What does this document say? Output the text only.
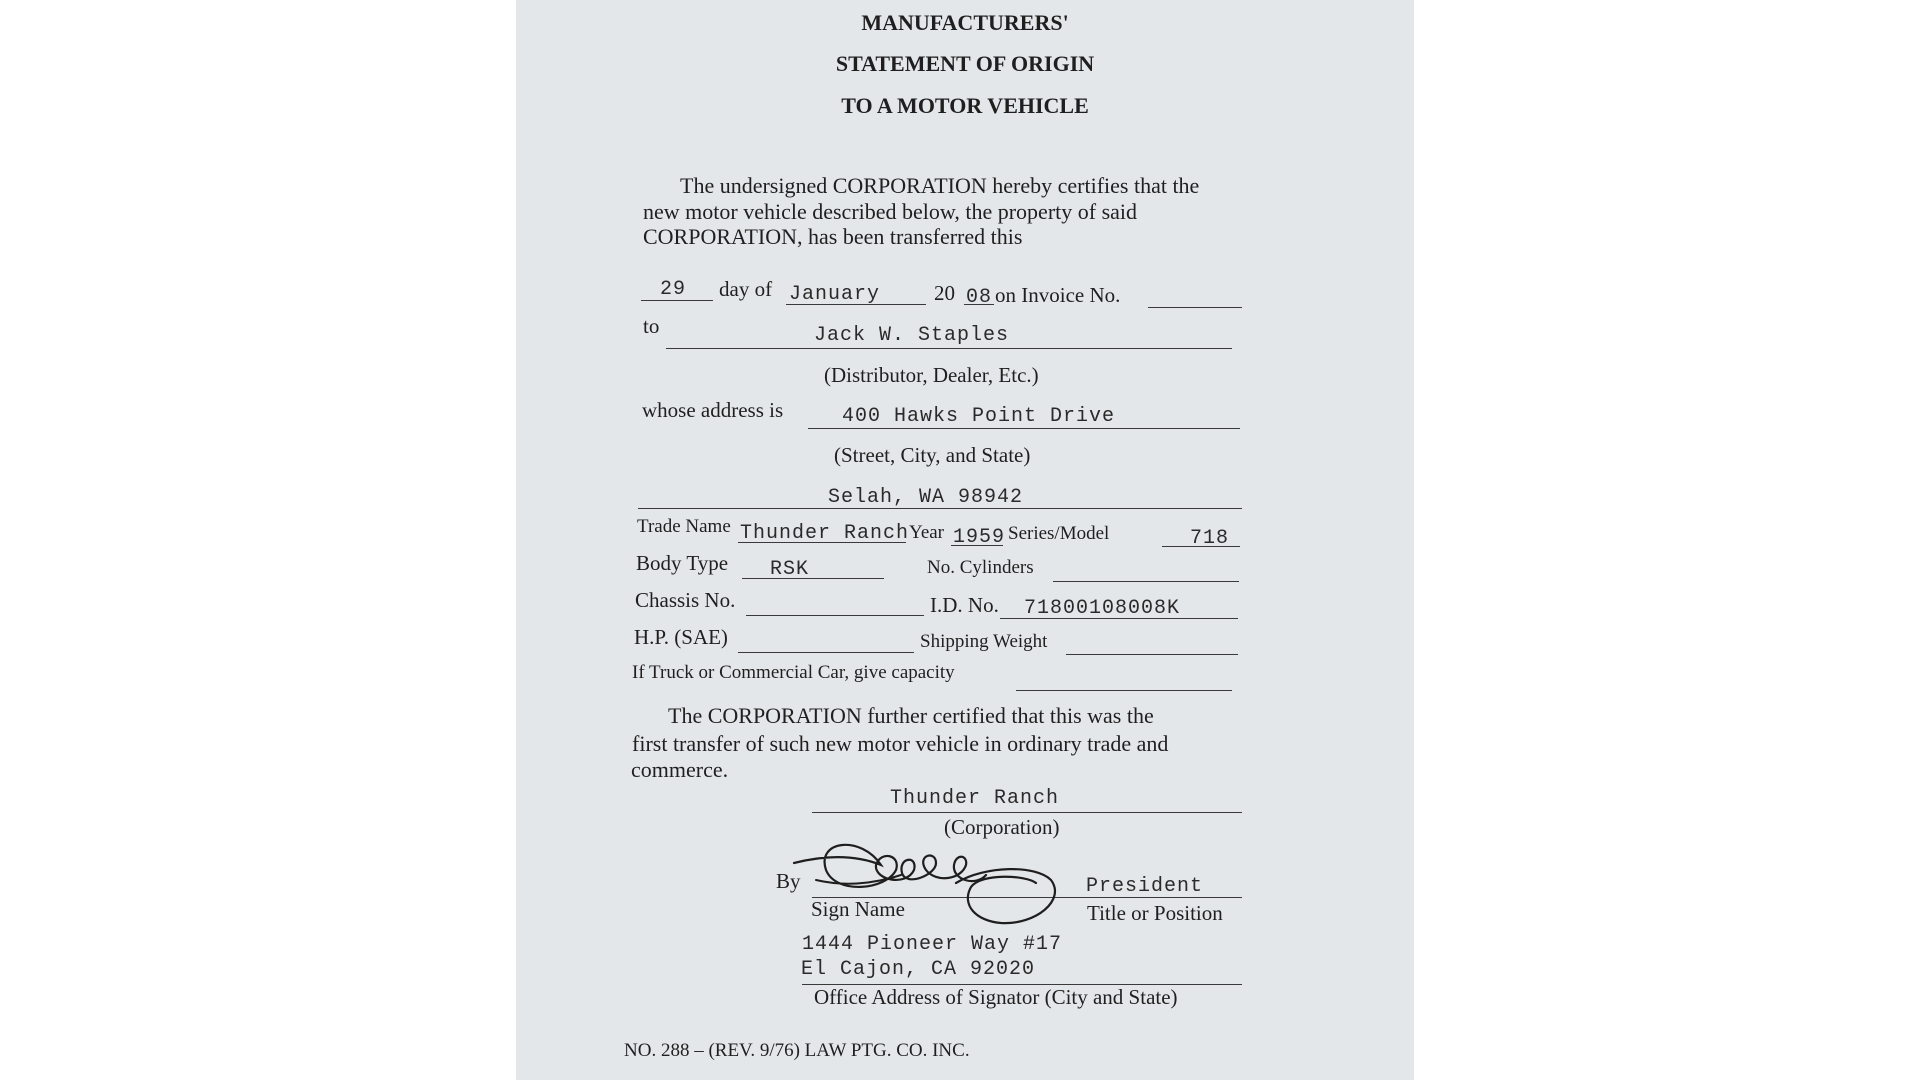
MANUFACTURERS'
STATEMENT OF ORIGIN
TO A MOTOR VEHICLE
The undersigned CORPORATION hereby certifies that the
new motor vehicle described below, the property of said
CORPORATION, has been transferred this
29 day of January	20 08 on Invoice No.
to	Jack W. Staples
(Distributor, Dealer, Etc.)
whose address is	400 Hawks Point Drive
(Street, City, and State)
Selah, WA 98942
Trade Name Thunder Ranch Year 1959 Series/Model	718
Body Type RSK	No. Cylinders
Chassis No.	I.D. No. 71800108008K
H.P. (SAE)	Shipping Weight
If Truck or Commercial Car, give capacity
The CORPORATION further certified that this was the
first transfer of such new motor vehicle in ordinary trade and
commerce.
Thunder Ranch
(Corporation)
By	President
Sign Name	Title or Position
1444 Pioneer Way #17
El Cajon, CA 92020
Office Address of Signator (City and State)
NO. 288 – (REV. 9/76) LAW PTG. CO. INC.
